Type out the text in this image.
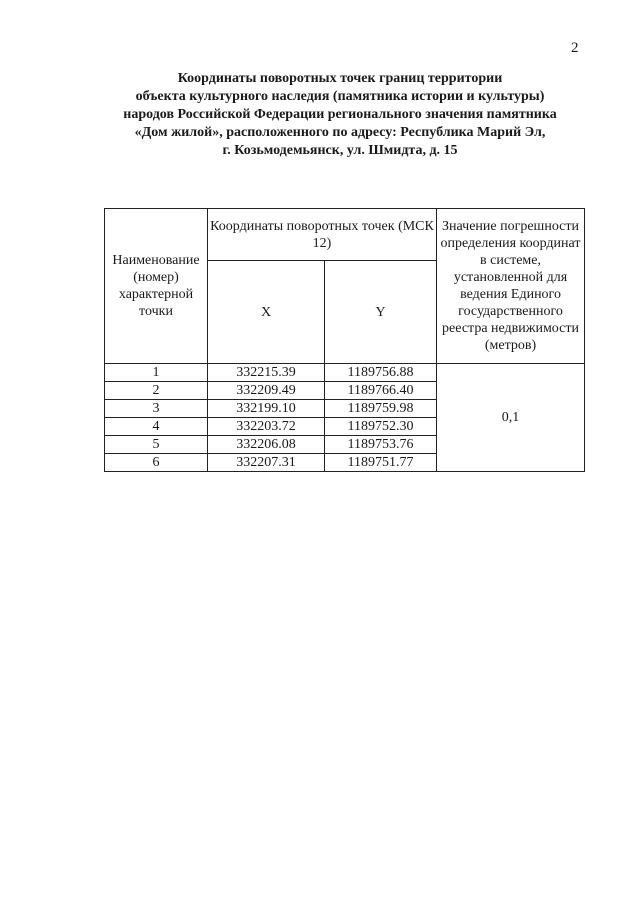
2
Координаты поворотных точек границ территории
объекта культурного наследия (памятника истории и культуры)
народов Российской Федерации регионального значения памятника
«Дом жилой», расположенного по адресу: Республика Марий Эл,
г. Козьмодемьянск, ул. Шмидта, д. 15
Наименование (номер) характерной точки	Координаты поворотных точек (МСК 12)		Значение погрешности определения координат в системе, установленной для ведения Единого государственного реестра недвижимости (метров)
	X	Y	
1	332215.39	1189756.88	0,1
2	332209.49	1189766.40	
3	332199.10	1189759.98	
4	332203.72	1189752.30	
5	332206.08	1189753.76	
6	332207.31	1189751.77	
